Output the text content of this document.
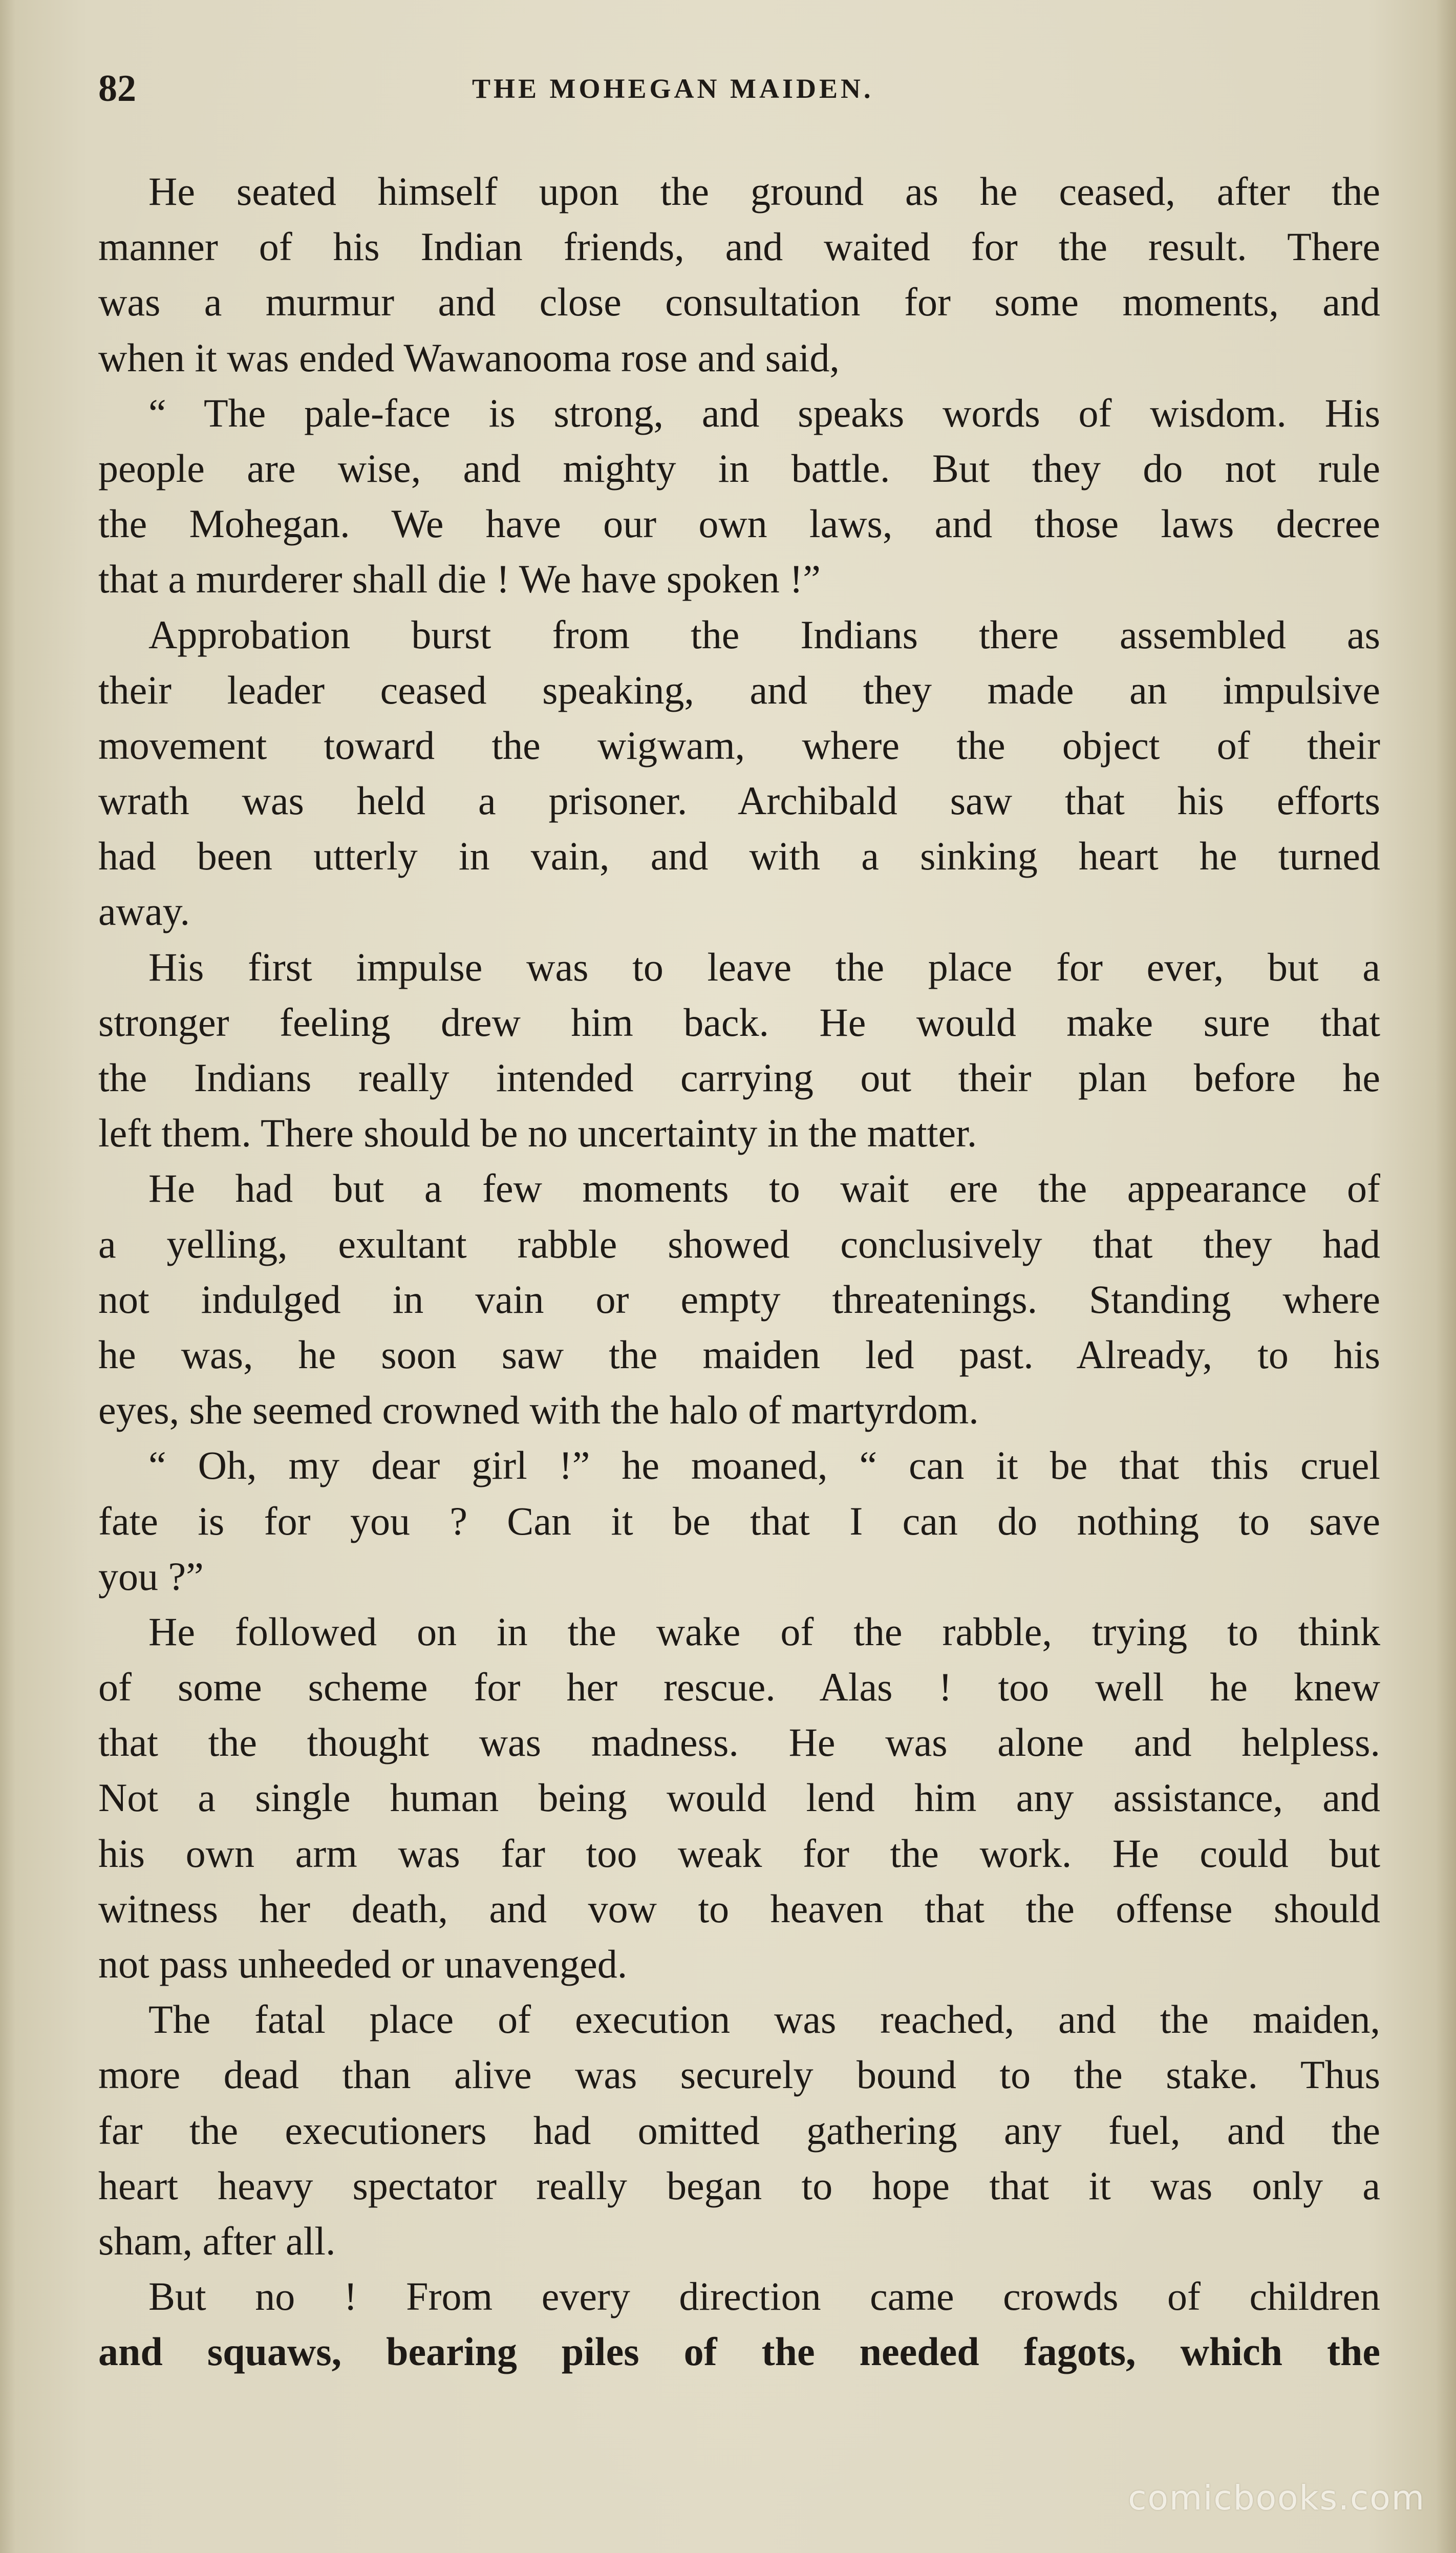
82	THE MOHEGAN MAIDEN.
He seated himself upon the ground as he ceased, after the
manner of his Indian friends, and waited for the result. There
was a murmur and close consultation for some moments, and
when it was ended Wawanooma rose and said,
“ The pale-face is strong, and speaks words of wisdom. His
people are wise, and mighty in battle. But they do not rule
the Mohegan. We have our own laws, and those laws decree
that a murderer shall die ! We have spoken !”
Approbation burst from the Indians there assembled as
their leader ceased speaking, and they made an impulsive
movement toward the wigwam, where the object of their
wrath was held a prisoner. Archibald saw that his efforts
had been utterly in vain, and with a sinking heart he turned
away.
His first impulse was to leave the place for ever, but a
stronger feeling drew him back. He would make sure that
the Indians really intended carrying out their plan before he
left them. There should be no uncertainty in the matter.
He had but a few moments to wait ere the appearance of
a yelling, exultant rabble showed conclusively that they had
not indulged in vain or empty threatenings. Standing where
he was, he soon saw the maiden led past. Already, to his
eyes, she seemed crowned with the halo of martyrdom.
“ Oh, my dear girl !” he moaned, “ can it be that this cruel
fate is for you ? Can it be that I can do nothing to save
you ?”
He followed on in the wake of the rabble, trying to think
of some scheme for her rescue. Alas ! too well he knew
that the thought was madness. He was alone and helpless.
Not a single human being would lend him any assistance, and
his own arm was far too weak for the work. He could but
witness her death, and vow to heaven that the offense should
not pass unheeded or unavenged.
The fatal place of execution was reached, and the maiden,
more dead than alive was securely bound to the stake. Thus
far the executioners had omitted gathering any fuel, and the
heart heavy spectator really began to hope that it was only a
sham, after all.
But no ! From every direction came crowds of children
and squaws, bearing piles of the needed fagots, which the
comicbooks.com
